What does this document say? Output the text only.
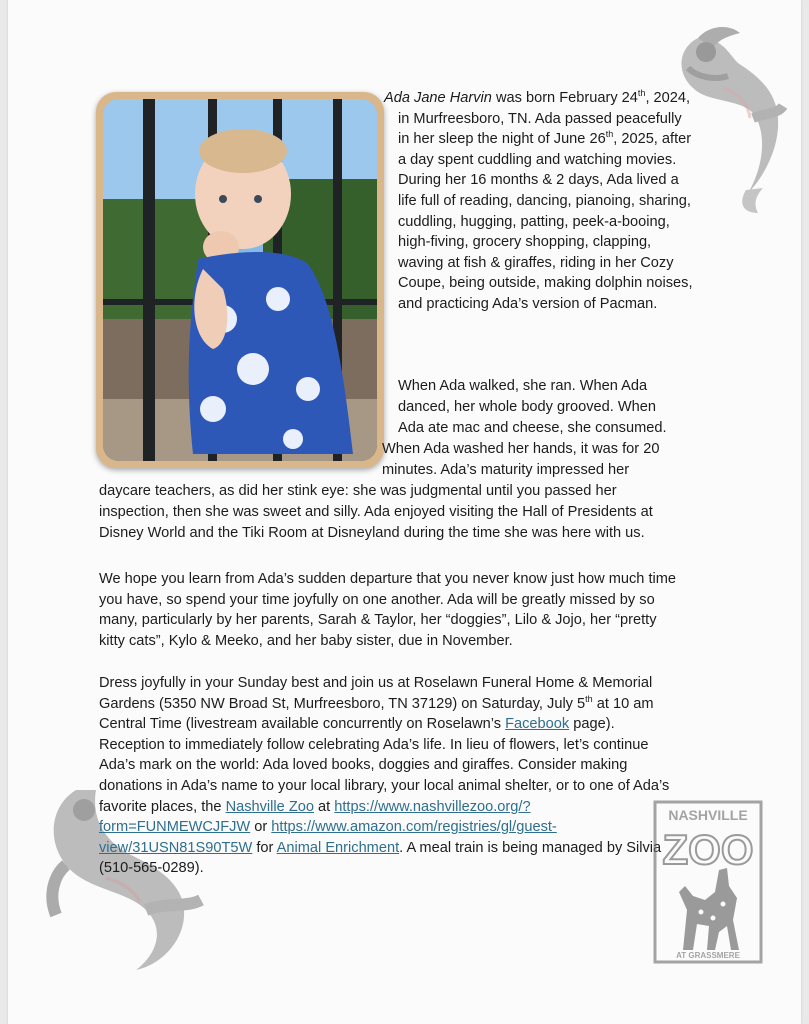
Ada Jane Harvin was born February 24th, 2024, in Murfreesboro, TN. Ada passed peacefully in her sleep the night of June 26th, 2025, after a day spent cuddling and watching movies. During her 16 months & 2 days, Ada lived a life full of reading, dancing, pianoing, sharing, cuddling, hugging, patting, peek-a-booing, high-fiving, grocery shopping, clapping, waving at fish & giraffes, riding in her Cozy Coupe, being outside, making dolphin noises, and practicing Ada’s version of Pacman.

When Ada walked, she ran. When Ada
danced, her whole body grooved. When
Ada ate mac and cheese, she consumed.
When Ada washed her hands, it was for 20
minutes. Ada’s maturity impressed her
daycare teachers, as did her stink eye: she was judgmental until you passed her
inspection, then she was sweet and silly. Ada enjoyed visiting the Hall of Presidents at
Disney World and the Tiki Room at Disneyland during the time she was here with us.

We hope you learn from Ada’s sudden departure that you never know just how much time you have, so spend your time joyfully on one another. Ada will be greatly missed by so many, particularly by her parents, Sarah & Taylor, her “doggies”, Lilo & Jojo, her “pretty kitty cats”, Kylo & Meeko, and her baby sister, due in November.

Dress joyfully in your Sunday best and join us at Roselawn Funeral Home & Memorial Gardens (5350 NW Broad St, Murfreesboro, TN 37129) on Saturday, July 5th at 10 am Central Time (livestream available concurrently on Roselawn’s Facebook page). Reception to immediately follow celebrating Ada’s life. In lieu of flowers, let’s continue Ada’s mark on the world: Ada loved books, doggies and giraffes. Consider making donations in Ada’s name to your local library, your local animal shelter, or to one of Ada’s favorite places, the Nashville Zoo at https://www.nashvillezoo.org/?form=FUNMEWCJFJW or https://www.amazon.com/registries/gl/guest-view/31USN81S90T5W for Animal Enrichment. A meal train is being managed by Silvia (510-565-0289).

NASHVILLE
ZOO
AT GRASSMERE
